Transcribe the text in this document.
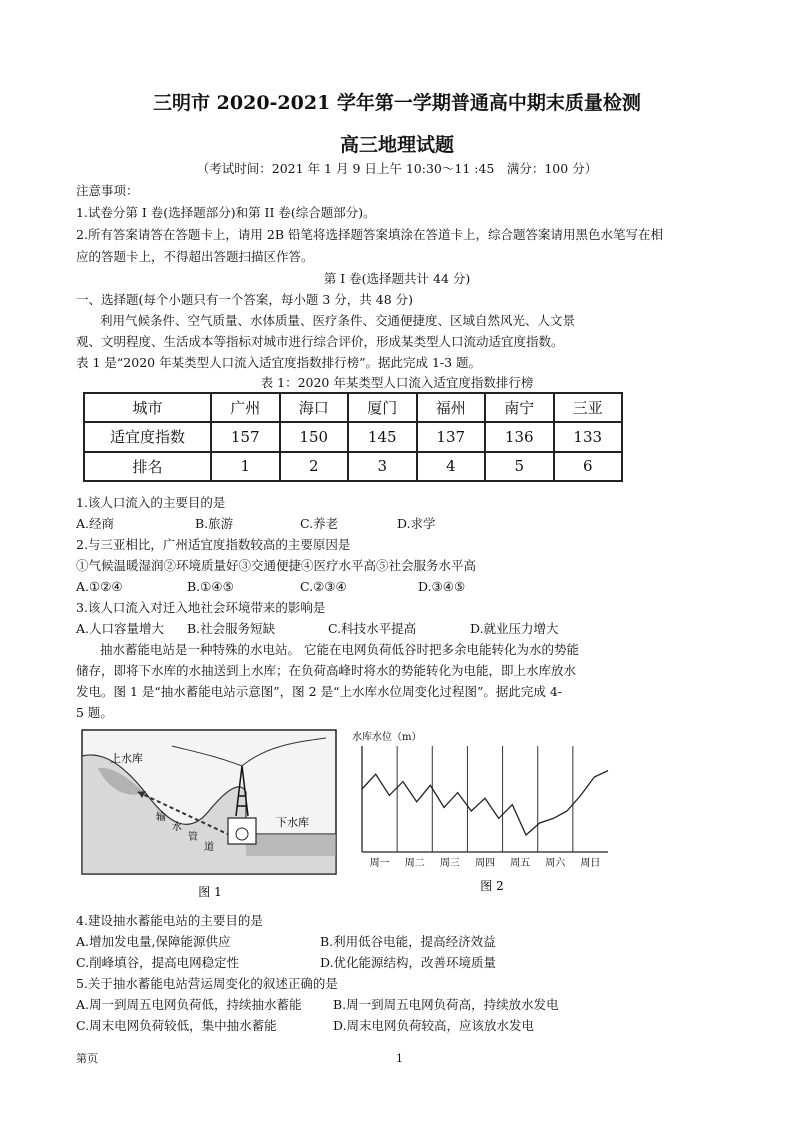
三明市 2020-2021 学年第一学期普通高中期末质量检测
高三地理试题
（考试时间：2021 年 1 月 9 日上午 10:30～11 :45　满分：100 分）
注意事项：
1.试卷分第 I 卷(选择题部分)和第 II 卷(综合题部分)。
2.所有答案请答在答题卡上，请用 2B 铅笔将选择题答案填涂在答道卡上，综合题答案请用黑色水笔写在相
应的答题卡上，不得超出答题扫描区作答。
第 I 卷(选择题共计 44 分)
一、选择题(每个小题只有一个答案，每小题 3 分，共 48 分)
利用气候条件、空气质量、水体质量、医疗条件、交通便捷度、区域自然风光、人文景
观、文明程度、生活成本等指标对城市进行综合评价，形成某类型人口流动适宜度指数。
表 1 是“2020 年某类型人口流入适宜度指数排行榜”。据此完成 1-3 题。
表 1：2020 年某类型人口流入适宜度指数排行榜
城市	广州	海口	厦门	福州	南宁	三亚
适宜度指数	157	150	145	137	136	133
排名	1	2	3	4	5	6
1.该人口流入的主要目的是
A.经商	B.旅游	C.养老	D.求学
2.与三亚相比，广州适宜度指数较高的主要原因是
①气候温暖湿润②环境质量好③交通便捷④医疗水平高⑤社会服务水平高
A.①②④	B.①④⑤	C.②③④	D.③④⑤
3.该人口流入对迁入地社会环境带来的影响是
A.人口容量增大 B.社会服务短缺	C.科技水平提高	D.就业压力增大
抽水蓄能电站是一种特殊的水电站。 它能在电网负荷低谷时把多余电能转化为水的势能
储存，即将下水库的水抽送到上水库；在负荷高峰时将水的势能转化为电能，即上水库放水
发电。图 1 是“抽水蓄能电站示意图”，图 2 是“上水库水位周变化过程图”。据此完成 4-
5 题。
上水库
下水库
输
水
管
道
图 1
水库水位（m）
周一 周二 周三 周四 周五 周六 周日
图 2
4.建设抽水蓄能电站的主要目的是
A.增加发电量,保障能源供应	B.利用低谷电能，提高经济效益
C.削峰填谷，提高电网稳定性	D.优化能源结构，改善环境质量
5.关于抽水蓄能电站营运周变化的叙述正确的是
A.周一到周五电网负荷低，持续抽水蓄能	B.周一到周五电网负荷高，持续放水发电
C.周末电网负荷较低，集中抽水蓄能	D.周末电网负荷较高，应该放水发电
第页	1
